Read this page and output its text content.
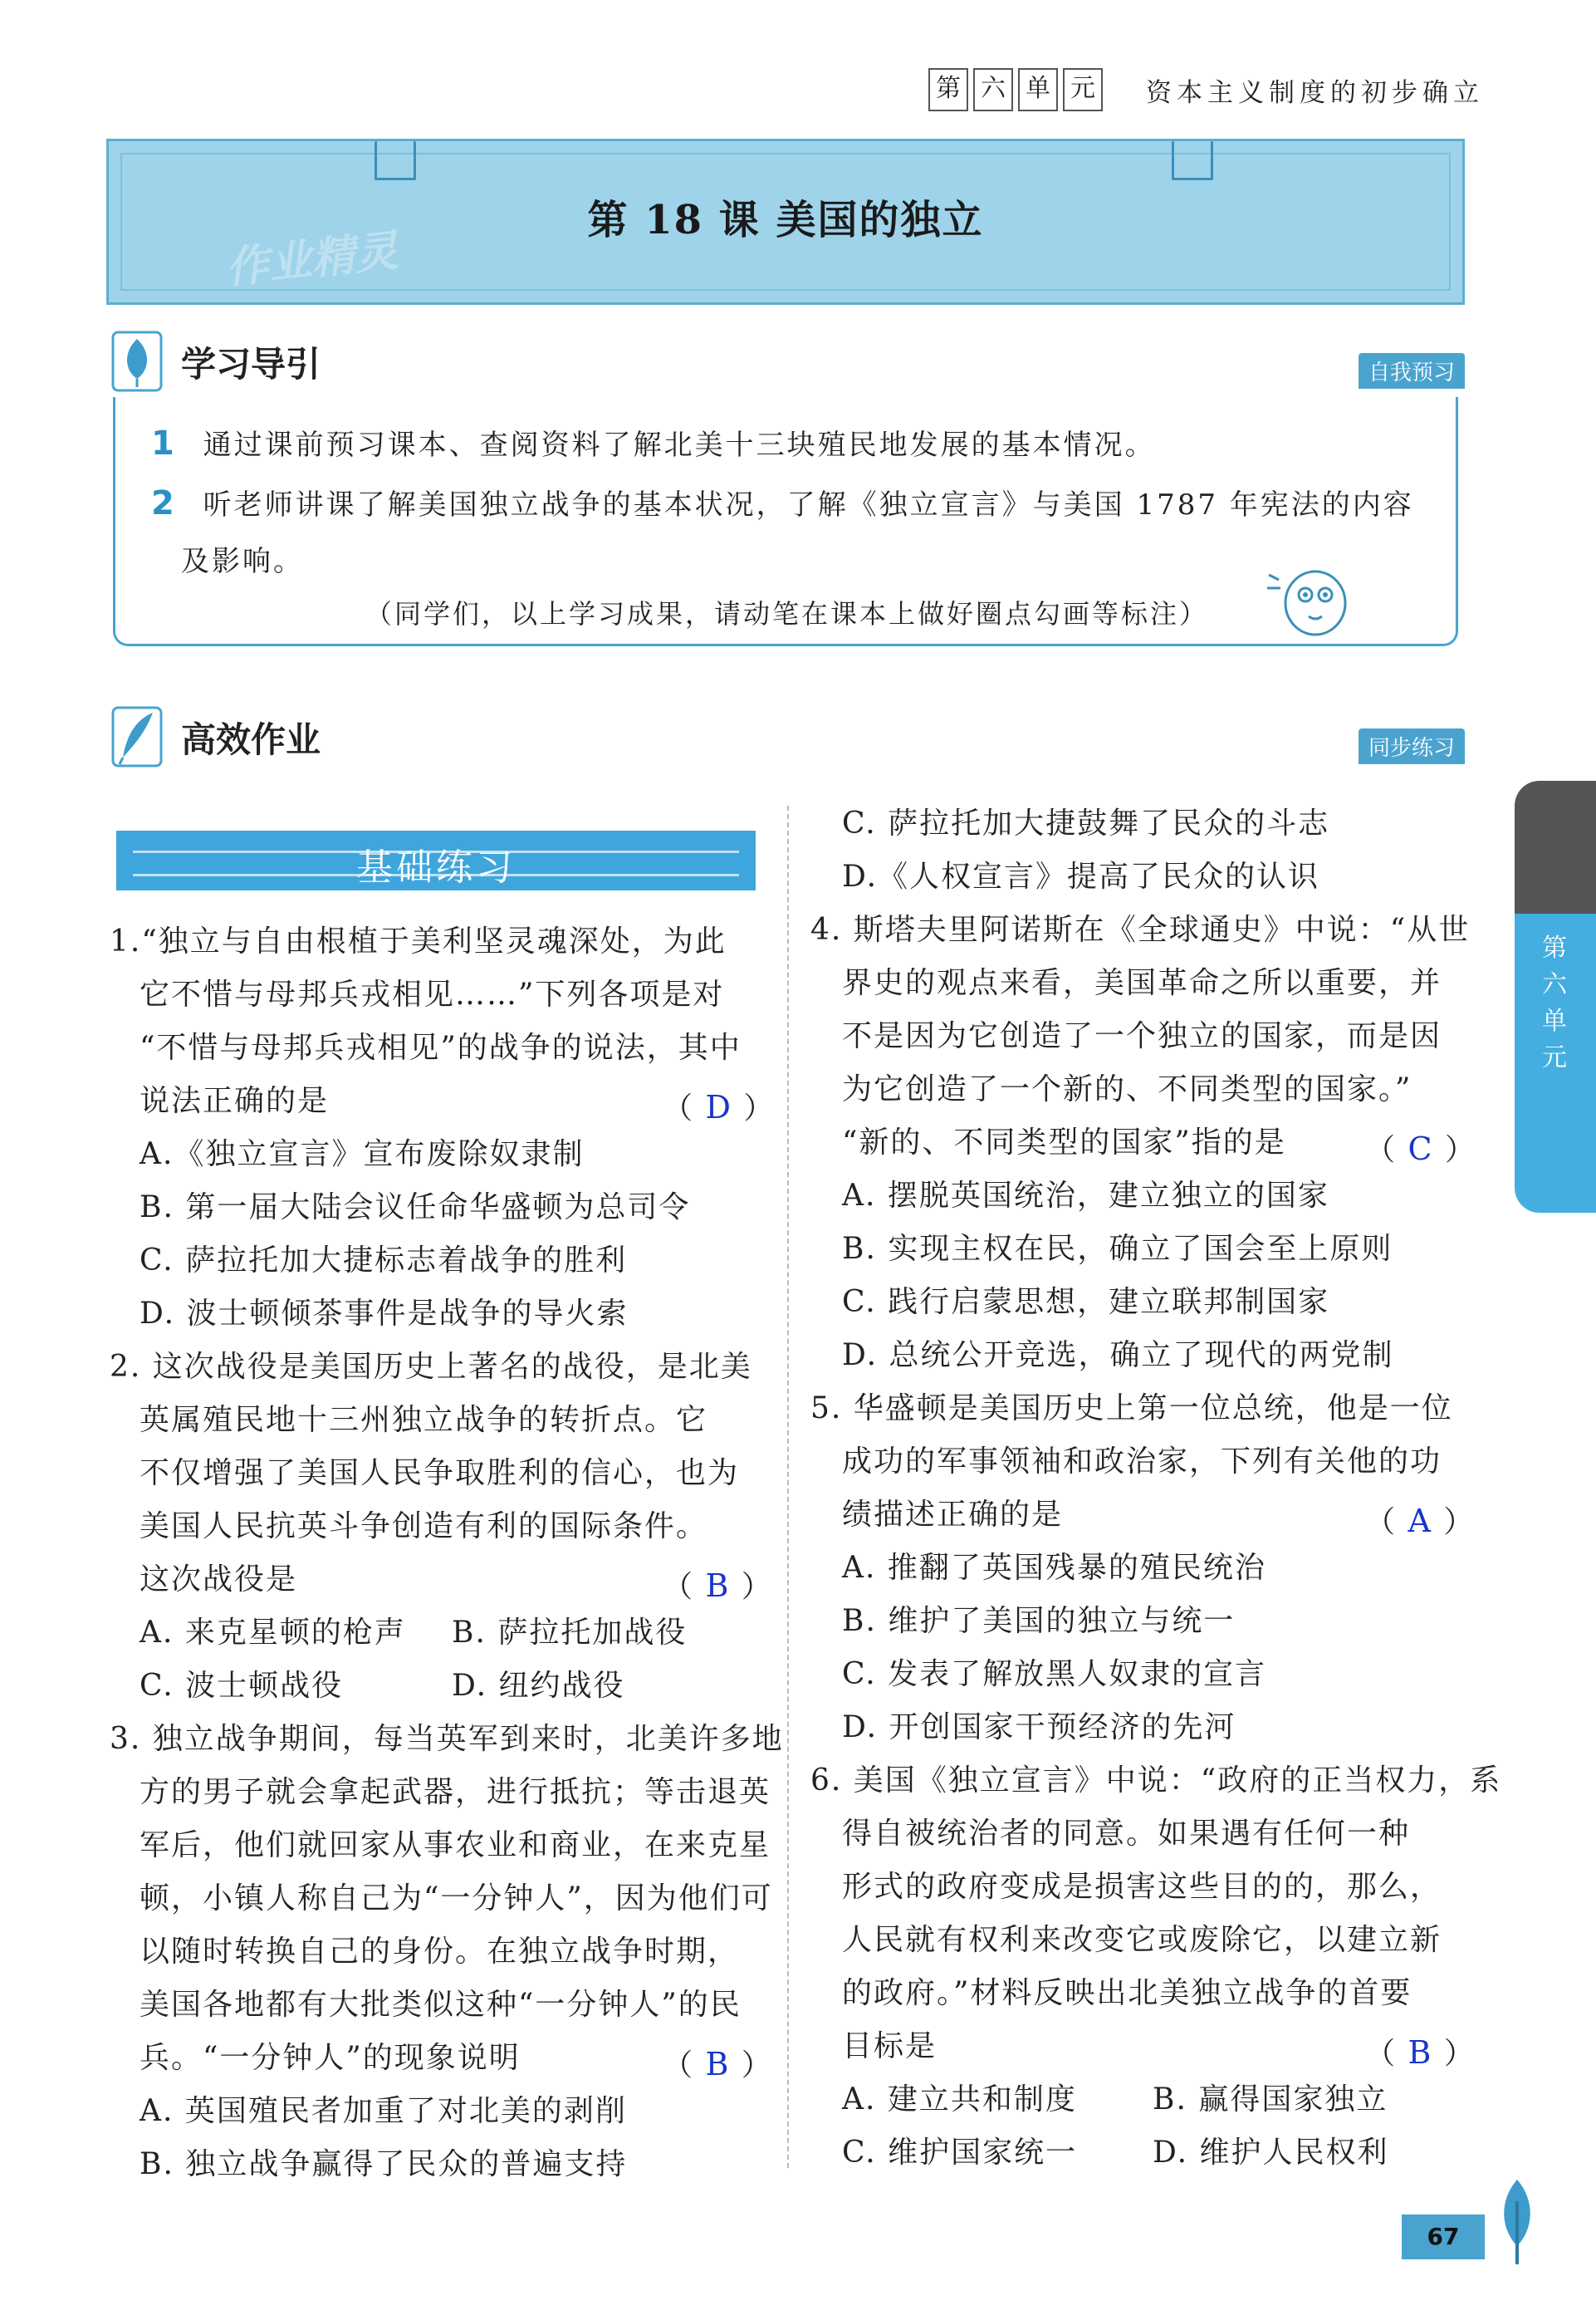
第 六 单 元 资本主义制度的初步确立
作业精灵
第 18 课 美国的独立
学习导引	自我预习
1 通过课前预习课本、查阅资料了解北美十三块殖民地发展的基本情况。
2 听老师讲课了解美国独立战争的基本状况，了解《独立宣言》与美国 1787 年宪法的内容
及影响。
（同学们，以上学习成果，请动笔在课本上做好圈点勾画等标注）
高效作业	同步练习
基础练习
1.“独立与自由根植于美利坚灵魂深处，为此
它不惜与母邦兵戎相见……”下列各项是对
“不惜与母邦兵戎相见”的战争的说法，其中
说法正确的是	（ D ）
A.《独立宣言》宣布废除奴隶制
B. 第一届大陆会议任命华盛顿为总司令
C. 萨拉托加大捷标志着战争的胜利
D. 波士顿倾茶事件是战争的导火索
2. 这次战役是美国历史上著名的战役，是北美
英属殖民地十三州独立战争的转折点。它
不仅增强了美国人民争取胜利的信心，也为
美国人民抗英斗争创造有利的国际条件。
这次战役是	（ B ）
A. 来克星顿的枪声 B. 萨拉托加战役
C. 波士顿战役	D. 纽约战役
3. 独立战争期间，每当英军到来时，北美许多地
方的男子就会拿起武器，进行抵抗；等击退英
军后，他们就回家从事农业和商业，在来克星
顿，小镇人称自己为“一分钟人”，因为他们可
以随时转换自己的身份。在独立战争时期，
美国各地都有大批类似这种“一分钟人”的民
兵。“一分钟人”的现象说明	（ B ）
A. 英国殖民者加重了对北美的剥削
B. 独立战争赢得了民众的普遍支持
C. 萨拉托加大捷鼓舞了民众的斗志
D.《人权宣言》提高了民众的认识
4. 斯塔夫里阿诺斯在《全球通史》中说：“从世
界史的观点来看，美国革命之所以重要，并
不是因为它创造了一个独立的国家，而是因
为它创造了一个新的、不同类型的国家。”
“新的、不同类型的国家”指的是	（ C ）
A. 摆脱英国统治，建立独立的国家
B. 实现主权在民，确立了国会至上原则
C. 践行启蒙思想，建立联邦制国家
D. 总统公开竞选，确立了现代的两党制
5. 华盛顿是美国历史上第一位总统，他是一位
成功的军事领袖和政治家，下列有关他的功
绩描述正确的是	（ A ）
A. 推翻了英国残暴的殖民统治
B. 维护了美国的独立与统一
C. 发表了解放黑人奴隶的宣言
D. 开创国家干预经济的先河
6. 美国《独立宣言》中说：“政府的正当权力，系
得自被统治者的同意。如果遇有任何一种
形式的政府变成是损害这些目的的，那么，
人民就有权利来改变它或废除它，以建立新
的政府。”材料反映出北美独立战争的首要
目标是	（ B ）
A. 建立共和制度	B. 赢得国家独立
C. 维护国家统一	D. 维护人民权利
第六单元
67
